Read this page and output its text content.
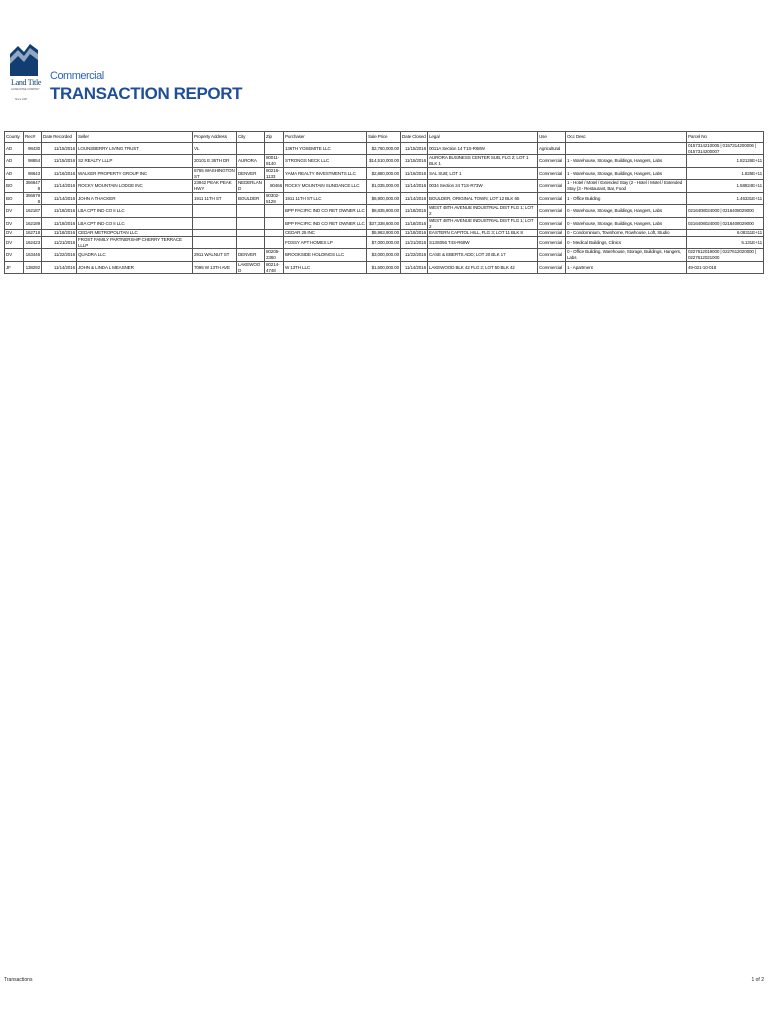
Land Title
GUARANTEE COMPANY
Since 1967
Commercial
TRANSACTION REPORT
County	Rec#	Date Recorded	Seller	Property Address	City	Zip	Purchaser	Sale Price	Date Closed	Legal	Use	Occ Desc	Parcel No
AD	98430	11/15/2016	LOUNSBERRY LIVING TRUST	VL			136TH YOSEMITE LLC	$2,760,000.00	11/15/2016	0011A Section 14 T1S-R68W	Agricultural		0157314210005 | 0157314200006 | 0157314200007
AD	98654	11/15/2016	S2 REALTY LLLP	20101 E 36TH DR	AURORA	80011-8140	STRONGS NECK LLC	$14,510,000.00	11/15/2016	AURORA BUSINESS CENTER SUB, FLG 2; LOT 1 BLK 1	Commercial	1 - Warehouse, Storage, Buildings, Hangers, Labs	1.82126E+11
AD	98643	11/16/2016	WALKER PROPERTY GROUP INC	6765 WASHINGTON ST	DENVER	80216-1133	YAMA REALTY INVESTMENTS LLC	$2,880,000.00	11/16/2016	SAL SUB; LOT 1	Commercial	1 - Warehouse, Storage, Buildings, Hangers, Labs	1.825E+11
BO	3566478	11/14/2016	ROCKY MOUNTAIN LODGE INC	23942 PEAK PEAK HWY	NEDERLAND	80466	ROCKY MOUNTAIN SUNDANCE LLC	$1,035,000.00	11/14/2016	0034 Section 24 T1S-R73W	Commercial	1 - Hotel / Motel / Extended Stay (2 - Hotel / Motel / Extended Stay (3 - Restaurant, Bar, Food	1.58824E+11
BO	3566798	11/14/2016	JOHN A THACKER	1911 11TH ST	BOULDER	80302-5129	1911 11TH ST LLC	$6,900,000.00	11/14/2016	BOULDER, ORIGINAL TOWN; LOT 12 BLK 65	Commercial	1 - Office Building	1.46331E+11
DV	162187	11/18/2016	LBA CPT IND CO II LLC				BPP PACIFIC IND CO RET OWNER LLC	$8,835,900.00	11/18/2016	WEST 48TH AVENUE INDUSTRIAL DIST FLG 1; LOT 2	Commercial	0 - Warehouse, Storage, Buildings, Hangers, Labs	0216408024000 | 0216408029000
DV	162189	11/18/2016	LBA CPT IND CO II LLC				BPP PACIFIC IND CO RET OWNER LLC	$37,338,600.00	11/18/2016	WEST 48TH AVENUE INDUSTRIAL DIST FLG 1; LOT 2	Commercial	0 - Warehouse, Storage, Buildings, Hangers, Labs	0216408024000 | 0216408029000
DV	162718	11/18/2016	CEDAR METROPOLITAN LLC				CEDAR 25 INC	$5,963,900.00	11/18/2016	EASTERN CAPITOL HILL, FLG 3; LOT 11 BLK 8	Commercial	0 - Condominium, Townhome, Rowhouse, Loft, Studio	6.08311E+11
DV	162423	11/21/2016	FROST FAMILY PARTNERSHIP CHERRY TERRACE LLLP				FOSSY APT HOMES LP	$7,000,000.00	11/21/2016	S13S056 T4S-R68W	Commercial	0 - Medical Buildings, Clinics	5.131E+11
DV	163446	11/22/2016	QUADRA LLC	2911 WALNUT ST	DENVER	80205-2360	BROOKSIDE HOLDINGS LLC	$3,000,000.00	11/22/2016	CASE & EBERTS ADD; LOT 20 BLK 17	Commercial	0 - Office Building, Warehouse, Storage, Buildings, Hangers, Labs	0227612019000 | 0227612020000 | 0227612021000
JF	138292	11/14/2016	JOHN & LINDA L MEASNER	7095 W 13TH AVE	LAKEWOOD	80214-4748	W 13TH LLC	$1,500,000.00	11/14/2016	LAKEWOOD BLK 42 FLG 2; LOT 50 BLK 42	Commercial	1 - Apartment	49-021-10-018
Transactions	1 of 2
